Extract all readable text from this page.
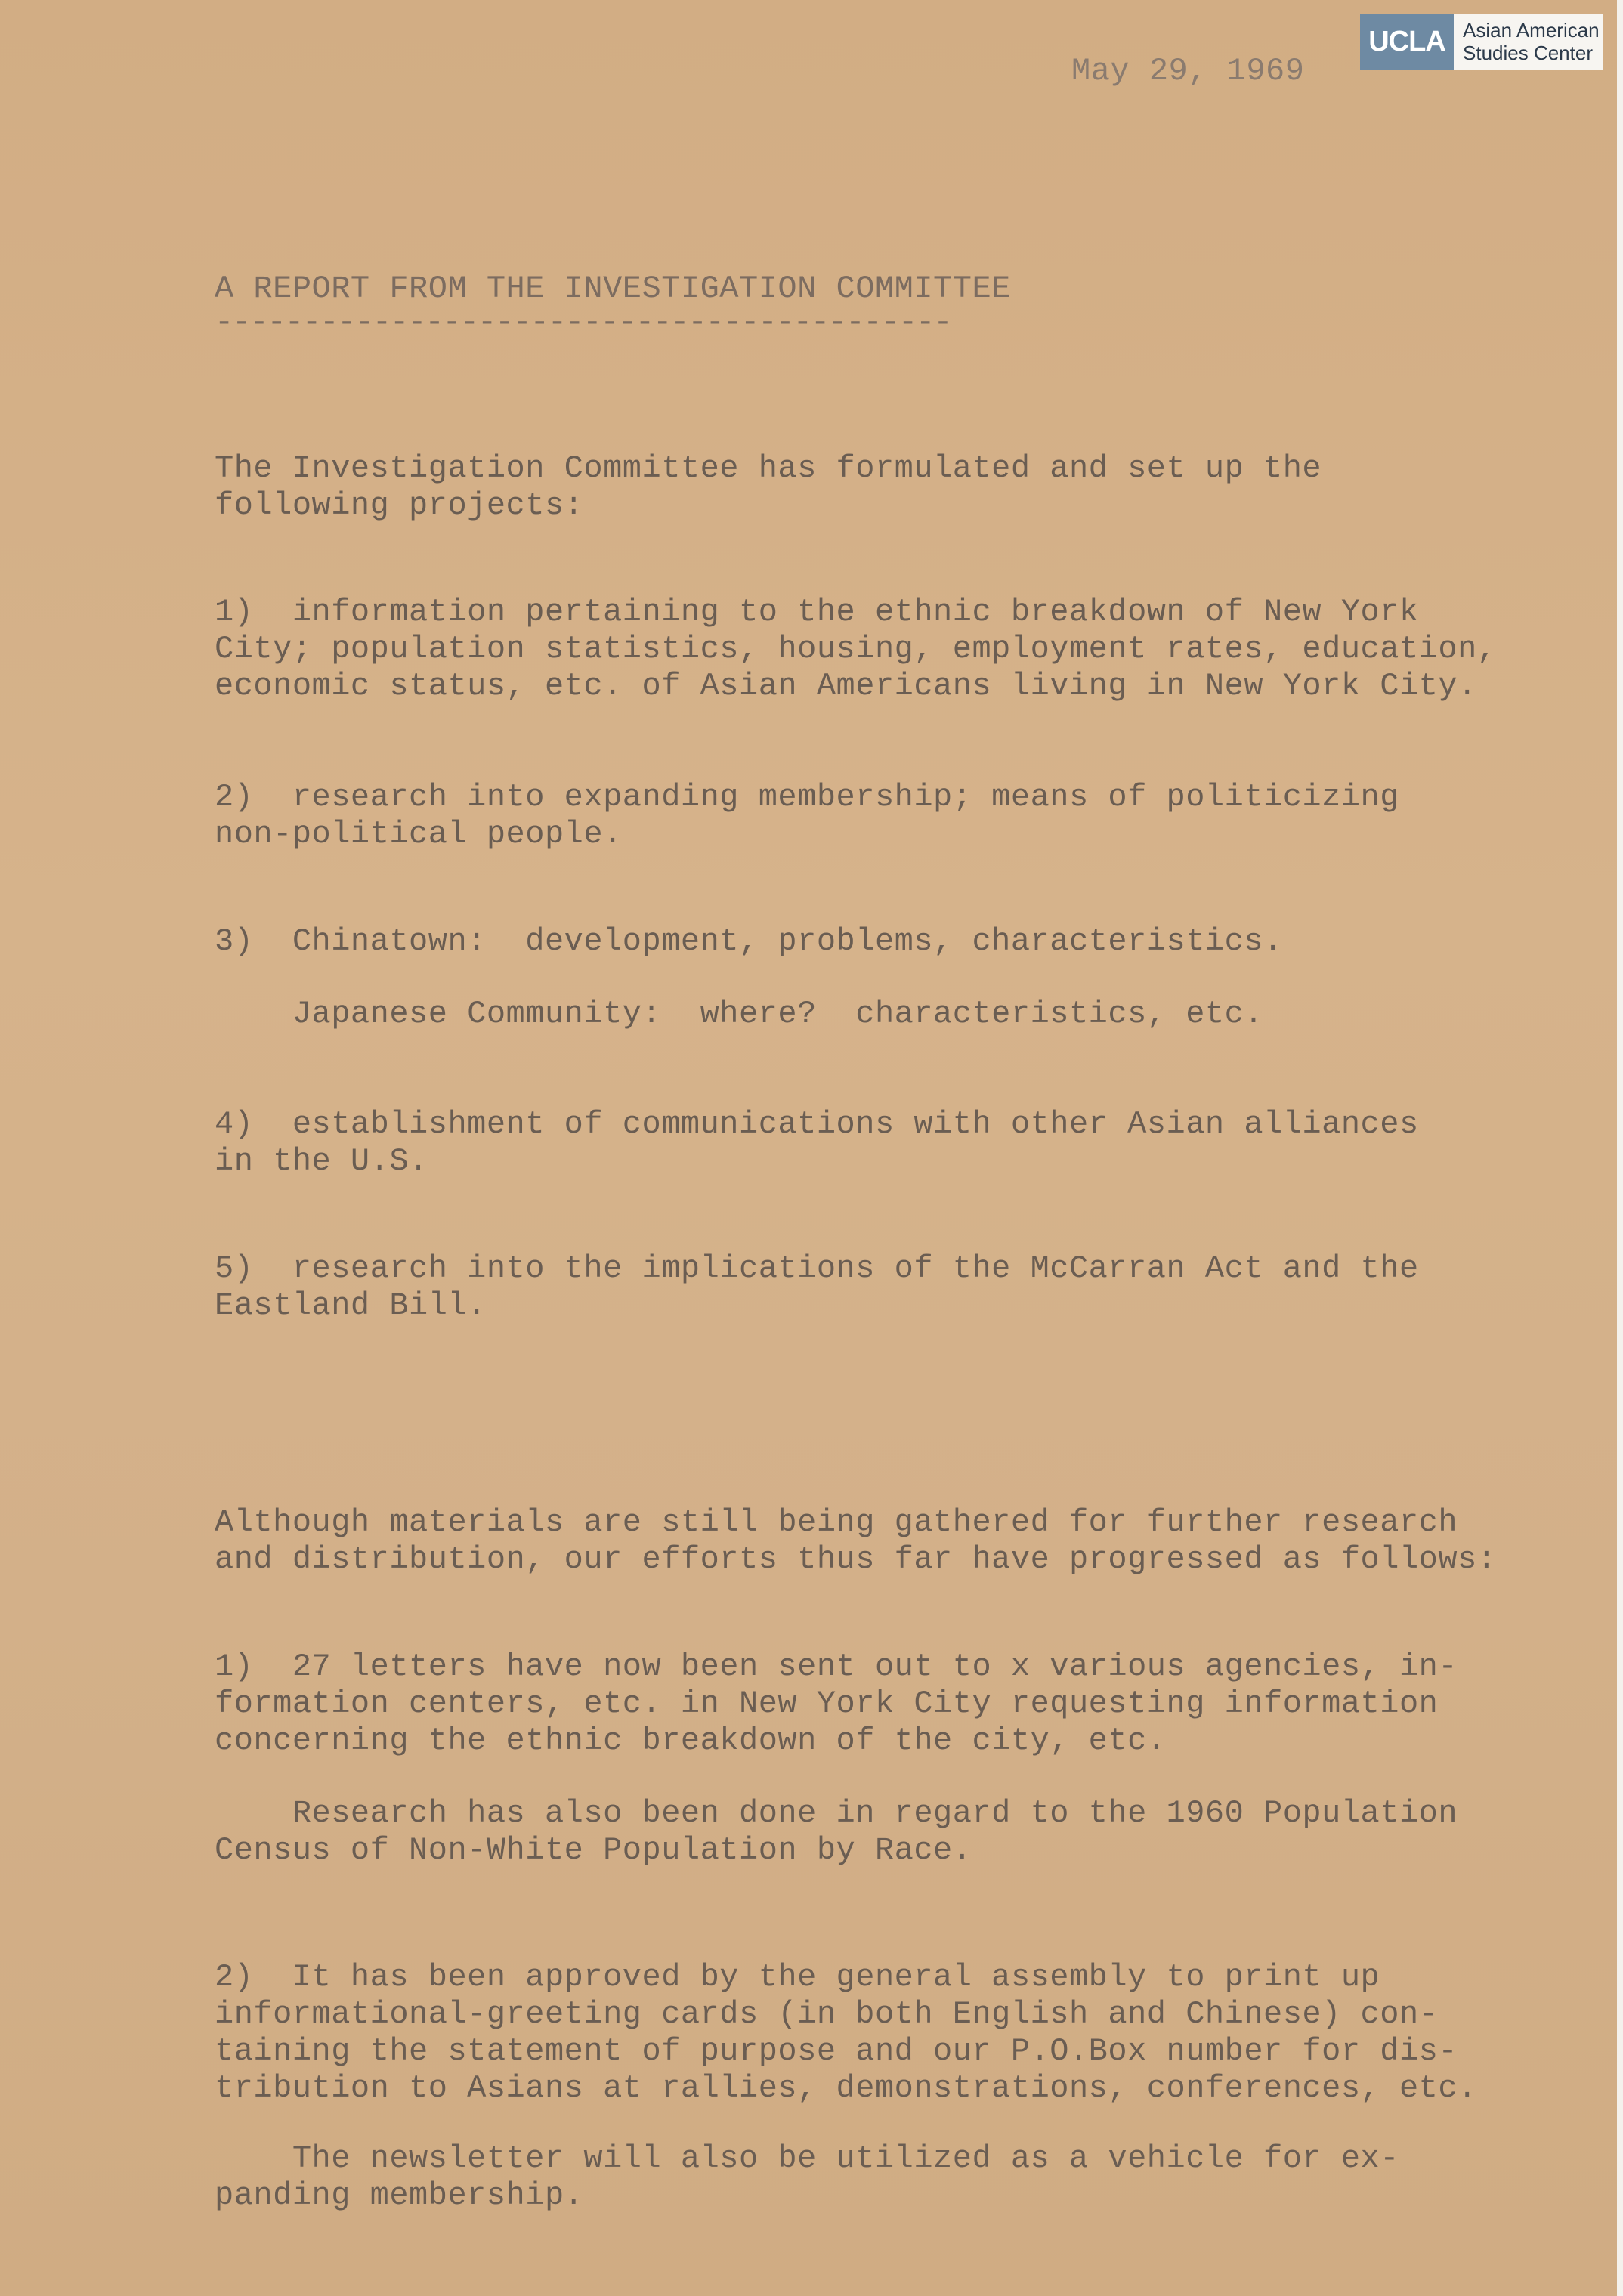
UCLA Asian American
Studies Center
May 29, 1969
A REPORT FROM THE INVESTIGATION COMMITTEE
------------------------------------------
The Investigation Committee has formulated and set up the
following projects:
1)  information pertaining to the ethnic breakdown of New York
City; population statistics, housing, employment rates, education,
economic status, etc. of Asian Americans living in New York City.
2)  research into expanding membership; means of politicizing
non-political people.
3)  Chinatown:  development, problems, characteristics.
Japanese Community:  where?  characteristics, etc.
4)  establishment of communications with other Asian alliances
in the U.S.
5)  research into the implications of the McCarran Act and the
Eastland Bill.
Although materials are still being gathered for further research
and distribution, our efforts thus far have progressed as follows:
1)  27 letters have now been sent out to x various agencies, in-
formation centers, etc. in New York City requesting information
concerning the ethnic breakdown of the city, etc.
Research has also been done in regard to the 1960 Population
Census of Non-White Population by Race.
2)  It has been approved by the general assembly to print up
informational-greeting cards (in both English and Chinese) con-
taining the statement of purpose and our P.O.Box number for dis-
tribution to Asians at rallies, demonstrations, conferences, etc.
The newsletter will also be utilized as a vehicle for ex-
panding membership.
